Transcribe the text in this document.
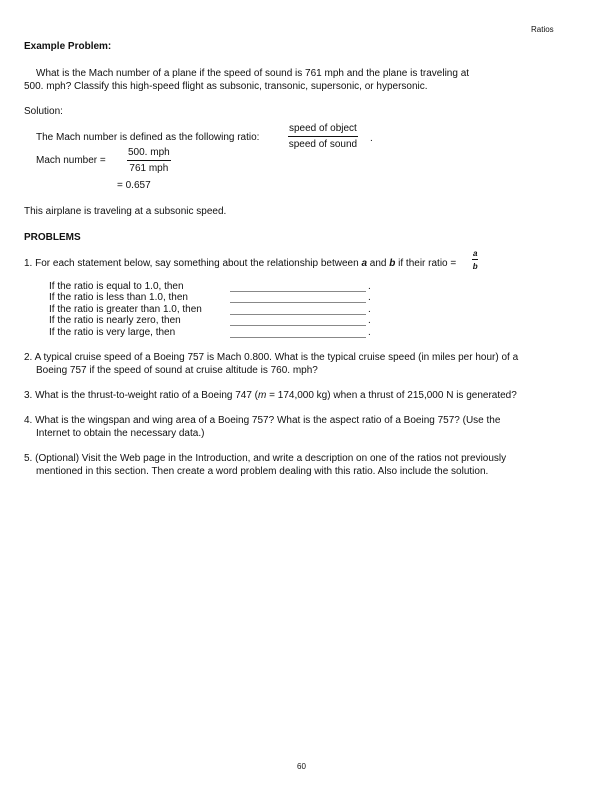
Ratios
Example Problem:
What is the Mach number of a plane if the speed of sound is 761 mph and the plane is traveling at
500. mph? Classify this high-speed flight as subsonic, transonic, supersonic, or hypersonic.
Solution:
The Mach number is defined as the following ratio:
speed of object
speed of sound
.
Mach number =
500. mph
761 mph
= 0.657
This airplane is traveling at a subsonic speed.
PROBLEMS
1. For each statement below, say something about the relationship between a and b if their ratio = $\frac{a}{b}$
If the ratio is equal to 1.0, then	.
If the ratio is less than 1.0, then	.
If the ratio is greater than 1.0, then	.
If the ratio is nearly zero, then	.
If the ratio is very large, then	.
2. A typical cruise speed of a Boeing 757 is Mach 0.800. What is the typical cruise speed (in miles per hour) of a
Boeing 757 if the speed of sound at cruise altitude is 760. mph?
3. What is the thrust-to-weight ratio of a Boeing 747 (m = 174,000 kg) when a thrust of 215,000 N is generated?
4. What is the wingspan and wing area of a Boeing 757? What is the aspect ratio of a Boeing 757? (Use the
Internet to obtain the necessary data.)
5. (Optional) Visit the Web page in the Introduction, and write a description on one of the ratios not previously
mentioned in this section. Then create a word problem dealing with this ratio. Also include the solution.
60
